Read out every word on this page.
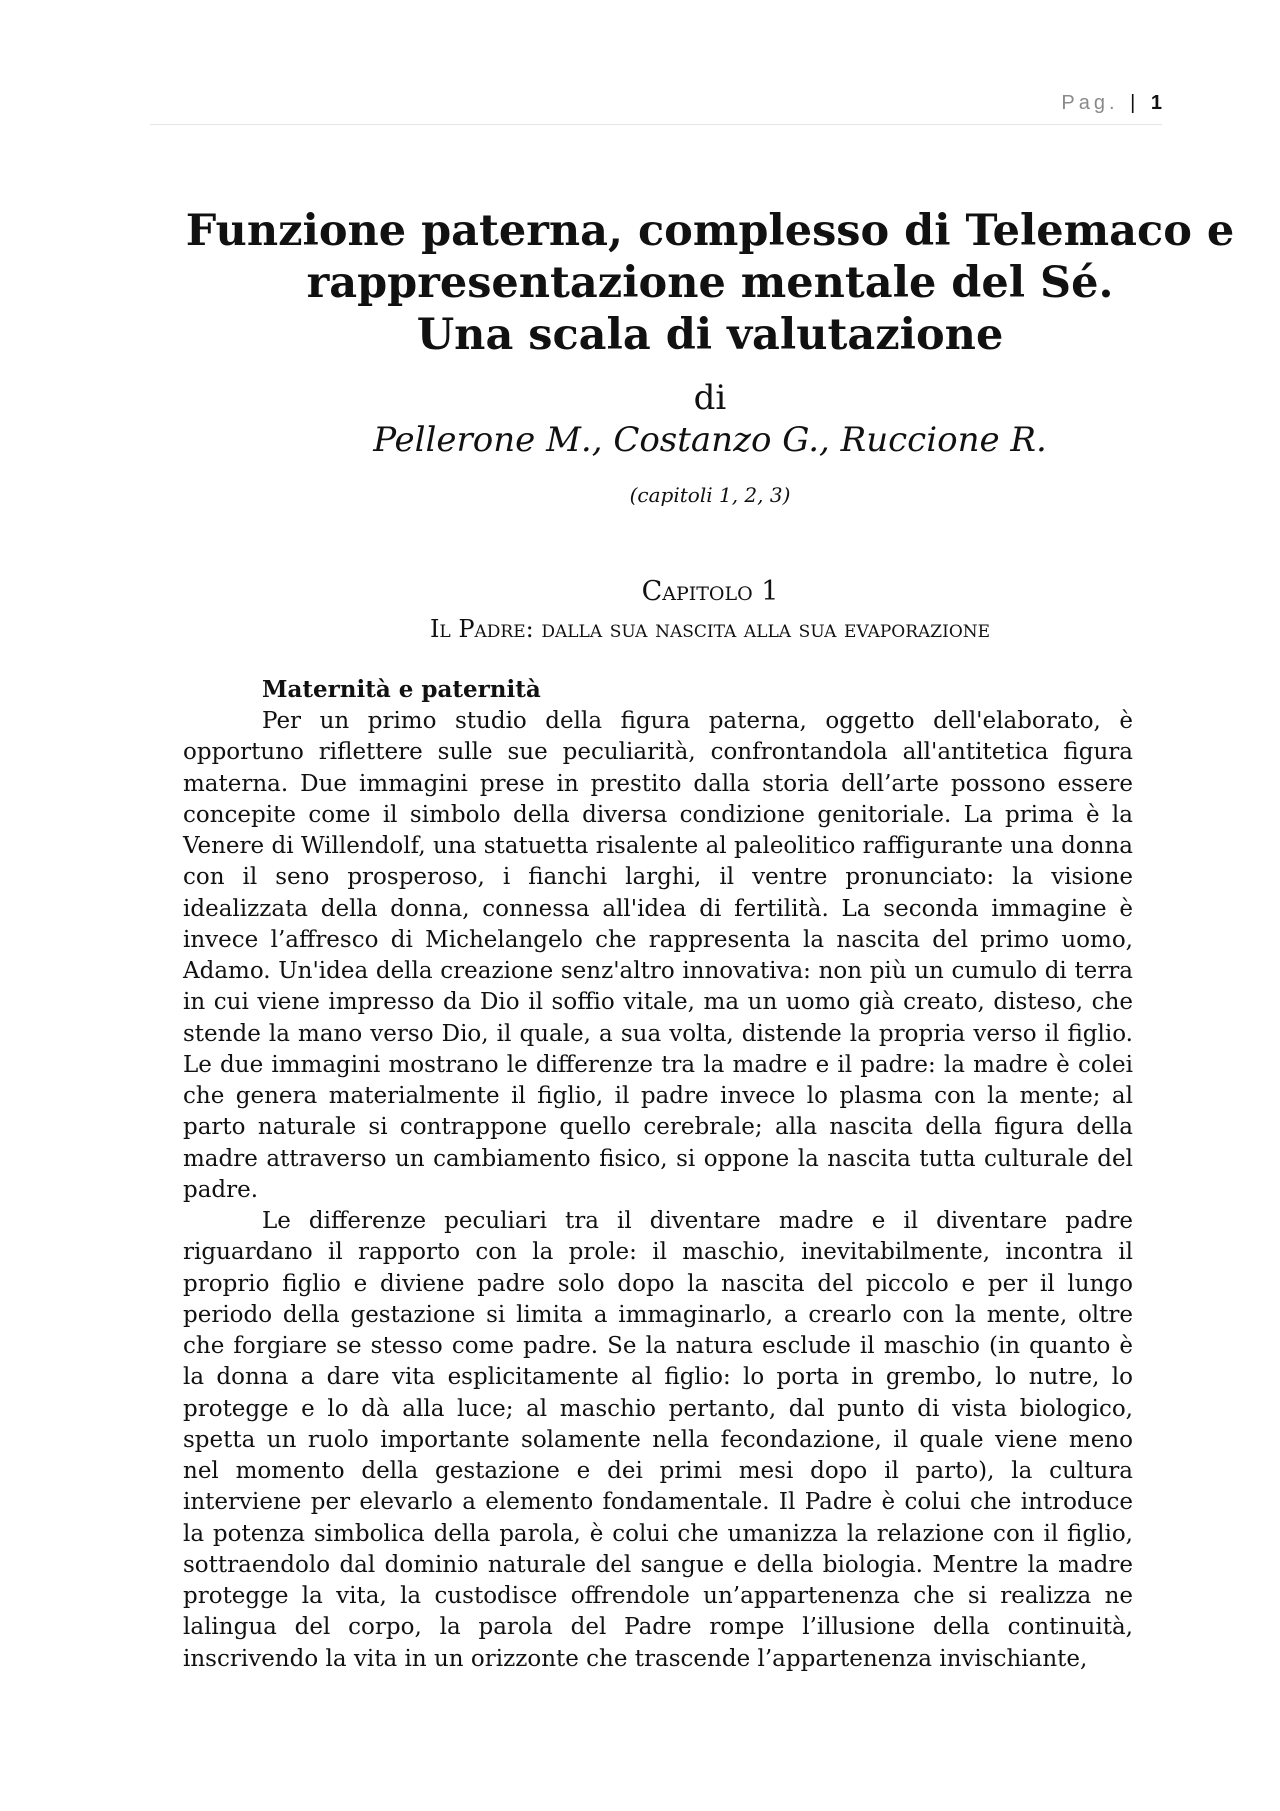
Pag. | 1

Funzione paterna, complesso di Telemaco e

rappresentazione mentale del Sé.

Una scala di valutazione

di
Pellerone M., Costanzo G., Ruccione R.
(capitoli 1, 2, 3)
Capitolo 1
Il Padre: dalla sua nascita alla sua evaporazione
Maternità e paternità

Per un primo studio della figura paterna, oggetto dell'elaborato, è opportuno riflettere sulle sue peculiarità, confrontandola all'antitetica figura materna. Due immagini prese in prestito dalla storia dell’arte possono essere concepite come il simbolo della diversa condizione genitoriale. La prima è la Venere di Willendolf, una statuetta risalente al paleolitico raffigurante una donna con il seno prosperoso, i fianchi larghi, il ventre pronunciato: la visione idealizzata della donna, connessa all'idea di fertilità. La seconda immagine è invece l’affresco di Michelangelo che rappresenta la nascita del primo uomo, Adamo. Un'idea della creazione senz'altro innovativa: non più un cumulo di terra in cui viene impresso da Dio il soffio vitale, ma un uomo già creato, disteso, che stende la mano verso Dio, il quale, a sua volta, distende la propria verso il figlio. Le due immagini mostrano le differenze tra la madre e il padre: la madre è colei che genera materialmente il figlio, il padre invece lo plasma con la mente; al parto naturale si contrappone quello cerebrale; alla nascita della figura della madre attraverso un cambiamento fisico, si oppone la nascita tutta culturale del padre.

Le differenze peculiari tra il diventare madre e il diventare padre riguardano il rapporto con la prole: il maschio, inevitabilmente, incontra il proprio figlio e diviene padre solo dopo la nascita del piccolo e per il lungo periodo della gestazione si limita a immaginarlo, a crearlo con la mente, oltre che forgiare se stesso come padre. Se la natura esclude il maschio (in quanto è la donna a dare vita esplicitamente al figlio: lo porta in grembo, lo nutre, lo protegge e lo dà alla luce; al maschio pertanto, dal punto di vista biologico, spetta un ruolo importante solamente nella fecondazione, il quale viene meno nel momento della gestazione e dei primi mesi dopo il parto), la cultura interviene per elevarlo a elemento fondamentale. Il Padre è colui che introduce la potenza simbolica della parola, è colui che umanizza la relazione con il figlio, sottraendolo dal dominio naturale del sangue e della biologia. Mentre la madre protegge la vita, la custodisce offrendole un’appartenenza che si realizza ne lalingua del corpo, la parola del Padre rompe l’illusione della continuità, inscrivendo la vita in un orizzonte che trascende l’appartenenza invischiante,
